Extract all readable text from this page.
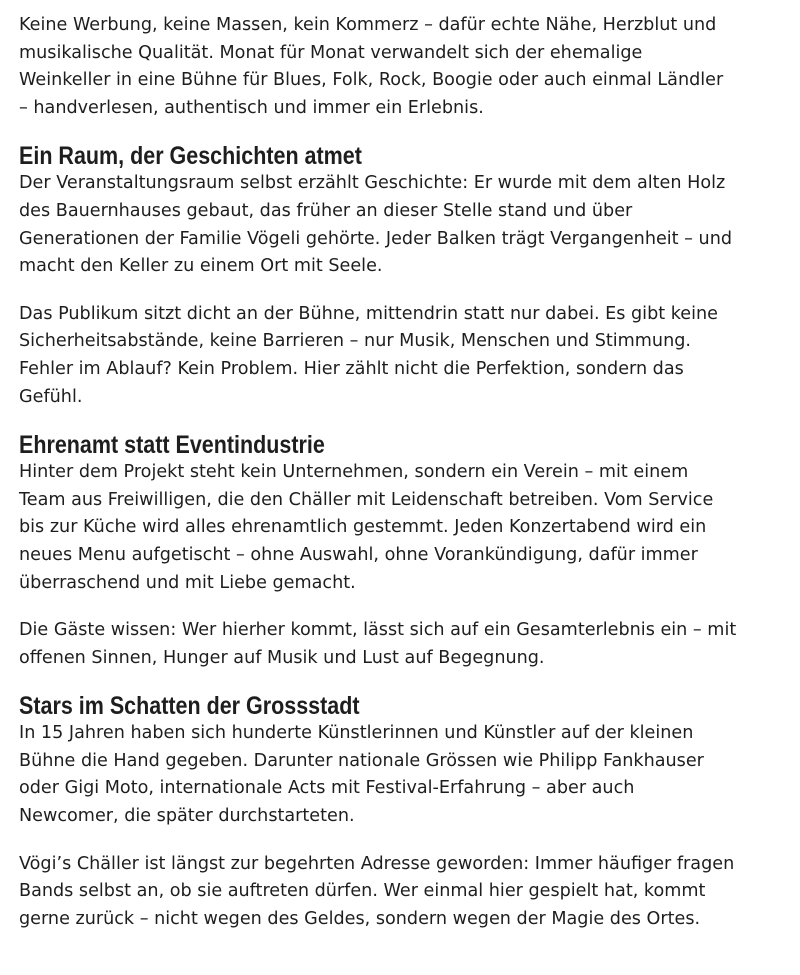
Keine Werbung, keine Massen, kein Kommerz – dafür echte Nähe, Herzblut und
musikalische Qualität. Monat für Monat verwandelt sich der ehemalige
Weinkeller in eine Bühne für Blues, Folk, Rock, Boogie oder auch einmal Ländler
– handverlesen, authentisch und immer ein Erlebnis.

Ein Raum, der Geschichten atmet

Der Veranstaltungsraum selbst erzählt Geschichte: Er wurde mit dem alten Holz
des Bauernhauses gebaut, das früher an dieser Stelle stand und über
Generationen der Familie Vögeli gehörte. Jeder Balken trägt Vergangenheit – und
macht den Keller zu einem Ort mit Seele.

Das Publikum sitzt dicht an der Bühne, mittendrin statt nur dabei. Es gibt keine
Sicherheitsabstände, keine Barrieren – nur Musik, Menschen und Stimmung.
Fehler im Ablauf? Kein Problem. Hier zählt nicht die Perfektion, sondern das
Gefühl.

Ehrenamt statt Eventindustrie

Hinter dem Projekt steht kein Unternehmen, sondern ein Verein – mit einem
Team aus Freiwilligen, die den Chäller mit Leidenschaft betreiben. Vom Service
bis zur Küche wird alles ehrenamtlich gestemmt. Jeden Konzertabend wird ein
neues Menu aufgetischt – ohne Auswahl, ohne Vorankündigung, dafür immer
überraschend und mit Liebe gemacht.

Die Gäste wissen: Wer hierher kommt, lässt sich auf ein Gesamterlebnis ein – mit
offenen Sinnen, Hunger auf Musik und Lust auf Begegnung.

Stars im Schatten der Grossstadt

In 15 Jahren haben sich hunderte Künstlerinnen und Künstler auf der kleinen
Bühne die Hand gegeben. Darunter nationale Grössen wie Philipp Fankhauser
oder Gigi Moto, internationale Acts mit Festival-Erfahrung – aber auch
Newcomer, die später durchstarteten.

Vögi’s Chäller ist längst zur begehrten Adresse geworden: Immer häufiger fragen
Bands selbst an, ob sie auftreten dürfen. Wer einmal hier gespielt hat, kommt
gerne zurück – nicht wegen des Geldes, sondern wegen der Magie des Ortes.
